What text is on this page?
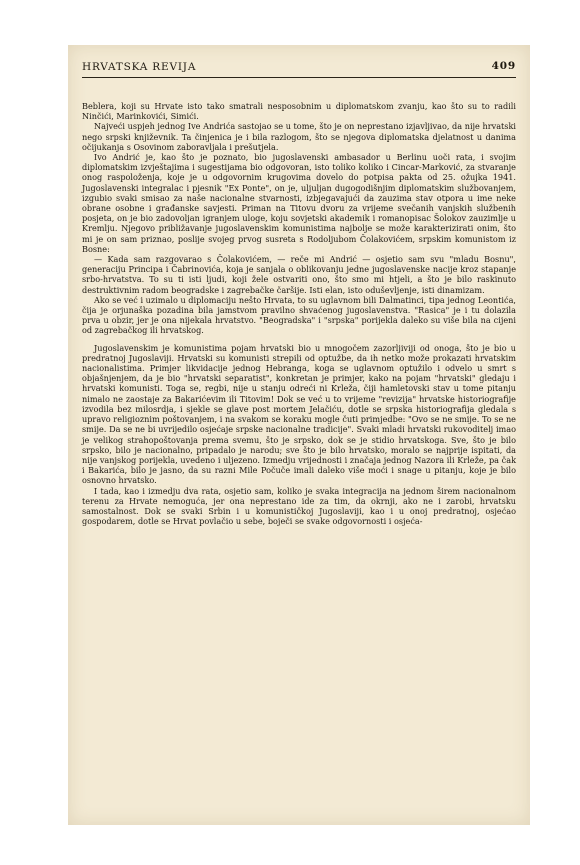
HRVATSKA REVIJA	409

Beblera, koji su Hrvate isto tako smatrali nesposobnim u diplomatskom zvanju, kao što su to radili Ninčići, Marinkovići, Simići.

Najveći uspjeh jednog Ive Andrića sastojao se u tome, što je on neprestano izjavljivao, da nije hrvatski nego srpski književnik. Ta činjenica je i bila razlogom, što se njegova diplomatska djelatnost u danima očijukanja s Osovinom zaboravljala i prešutjela.

Ivo Andrić je, kao što je poznato, bio jugoslavenski ambasador u Berlinu uoči rata, i svojim diplomatskim izvještajima i sugestijama bio odgovoran, isto toliko koliko i Cincar-Marković, za stvaranje onog raspoloženja, koje je u odgovornim krugovima dovelo do potpisa pakta od 25. ožujka 1941. Jugoslavenski integralac i pjesnik "Ex Ponte", on je, uljuljan dugogodišnjim diplomatskim službovanjem, izgubio svaki smisao za naše nacionalne stvarnosti, izbjegavajući da zauzima stav otpora u ime neke obrane osobne i građanske savjesti. Priman na Titovu dvoru za vrijeme svečanih vanjskih službenih posjeta, on je bio zadovoljan igranjem uloge, koju sovjetski akademik i romanopisac Šolokov zauzimlje u Kremlju. Njegovo približavanje jugoslavenskim komunistima najbolje se može karakterizirati onim, što mi je on sam priznao, poslije svojeg prvog susreta s Rodoljubom Čolakovićem, srpskim komunistom iz Bosne:

— Kada sam razgovarao s Čolakovićem, — reče mi Andrić — osjetio sam svu "mladu Bosnu", generaciju Principa i Čabrinovića, koja je sanjala o oblikovanju jedne jugoslavenske nacije kroz stapanje srbo-hrvatstva. To su ti isti ljudi, koji žele ostvariti ono, što smo mi htjeli, a što je bilo raskinuto destruktivnim radom beogradske i zagrebačke čaršije. Isti elan, isto oduševljenje, isti dinamizam.

Ako se već i uzimalo u diplomaciju nešto Hrvata, to su uglavnom bili Dalmatinci, tipa jednog Leontića, čija je orjunaška pozadina bila jamstvom pravilno shvaćenog jugoslavenstva. "Rasica" je i tu dolazila prva u obzir, jer je ona nijekala hrvatstvo. "Beogradska" i "srpska" porijekla daleko su više bila na cijeni od zagrebačkog ili hrvatskog.

Jugoslavenskim je komunistima pojam hrvatski bio u mnogočem zazorljiviji od onoga, što je bio u predratnoj Jugoslaviji. Hrvatski su komunisti strepili od optužbe, da ih netko može prokazati hrvatskim nacionalistima. Primjer likvidacije jednog Hebranga, koga se uglavnom optužilo i odvelo u smrt s objašnjenjem, da je bio "hrvatski separatist", konkretan je primjer, kako na pojam "hrvatski" gledaju i hrvatski komunisti. Toga se, regbi, nije u stanju odreći ni Krleža, čiji hamletovski stav u tome pitanju nimalo ne zaostaje za Bakarićevim ili Titovim! Dok se već u to vrijeme "revizija" hrvatske historiografije izvodila bez milosrdja, i sjekle se glave post mortem Jelačiću, dotle se srpska historiografija gledala s upravo religioznim poštovanjem, i na svakom se koraku mogle čuti primjedbe: "Ovo se ne smije. To se ne smije. Da se ne bi uvrijedilo osjećaje srpske nacionalne tradicije". Svaki mladi hrvatski rukovoditelj imao je velikog strahopoštovanja prema svemu, što je srpsko, dok se je stidio hrvatskoga. Sve, što je bilo srpsko, bilo je nacionalno, pripadalo je narodu; sve što je bilo hrvatsko, moralo se najprije ispitati, da nije vanjskog porijekla, uvedeno i uljezeno. Izmedju vrijednosti i značaja jednog Nazora ili Krleže, pa čak i Bakarića, bilo je jasno, da su razni Mile Počuče imali daleko više moći i snage u pitanju, koje je bilo osnovno hrvatsko.

I tada, kao i izmedju dva rata, osjetio sam, koliko je svaka integracija na jednom širem nacionalnom terenu za Hrvate nemoguća, jer ona neprestano ide za tim, da okrnji, ako ne i zarobi, hrvatsku samostalnost. Dok se svaki Srbin i u komunističkoj Jugoslaviji, kao i u onoj predratnoj, osjećao gospodarem, dotle se Hrvat povlačio u sebe, boječi se svake odgovornosti i osjeća-
